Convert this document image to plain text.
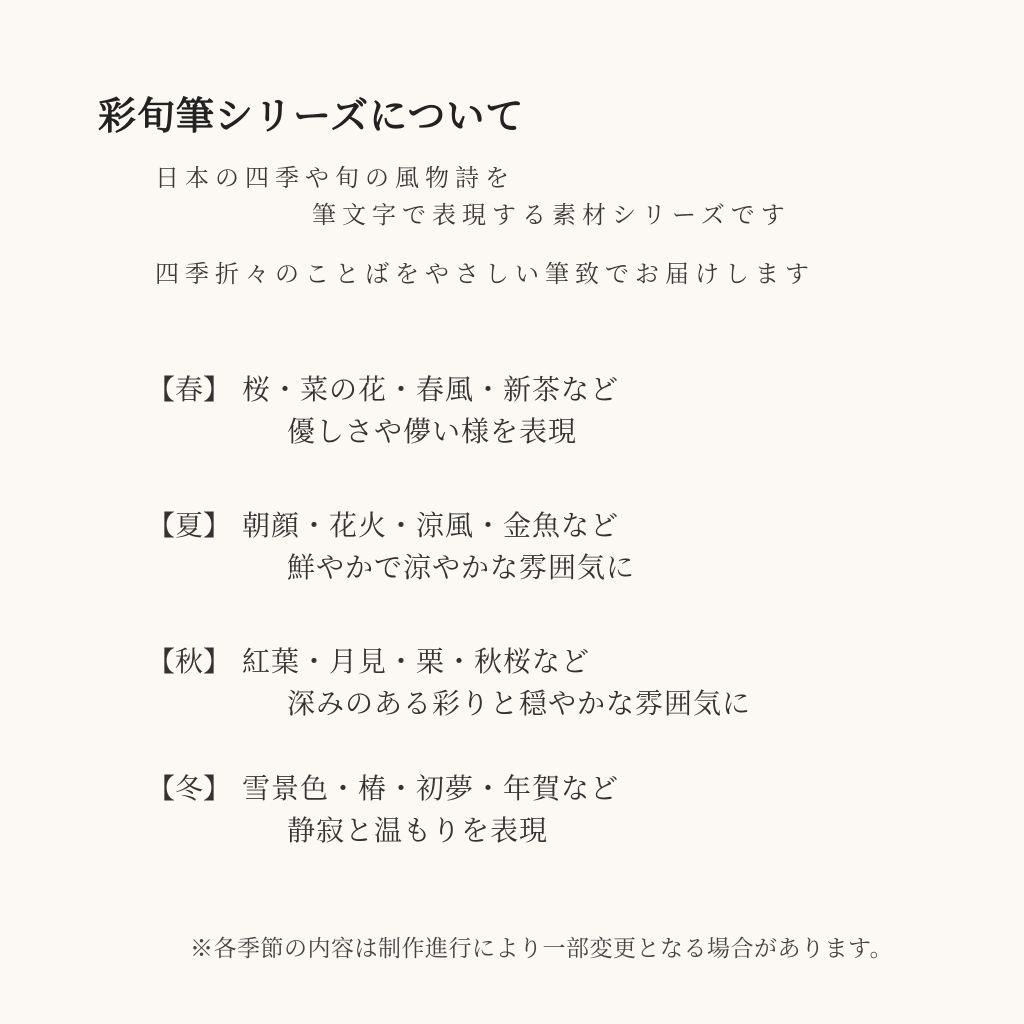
彩旬筆シリーズについて
日本の四季や旬の風物詩を
筆文字で表現する素材シリーズです
四季折々のことばをやさしい筆致でお届けします
【春】 桜・菜の花・春風・新茶など
優しさや儚い様を表現
【夏】 朝顔・花火・涼風・金魚など
鮮やかで涼やかな雰囲気に
【秋】 紅葉・月見・栗・秋桜など
深みのある彩りと穏やかな雰囲気に
【冬】 雪景色・椿・初夢・年賀など
静寂と温もりを表現
※各季節の内容は制作進行により一部変更となる場合があります。
